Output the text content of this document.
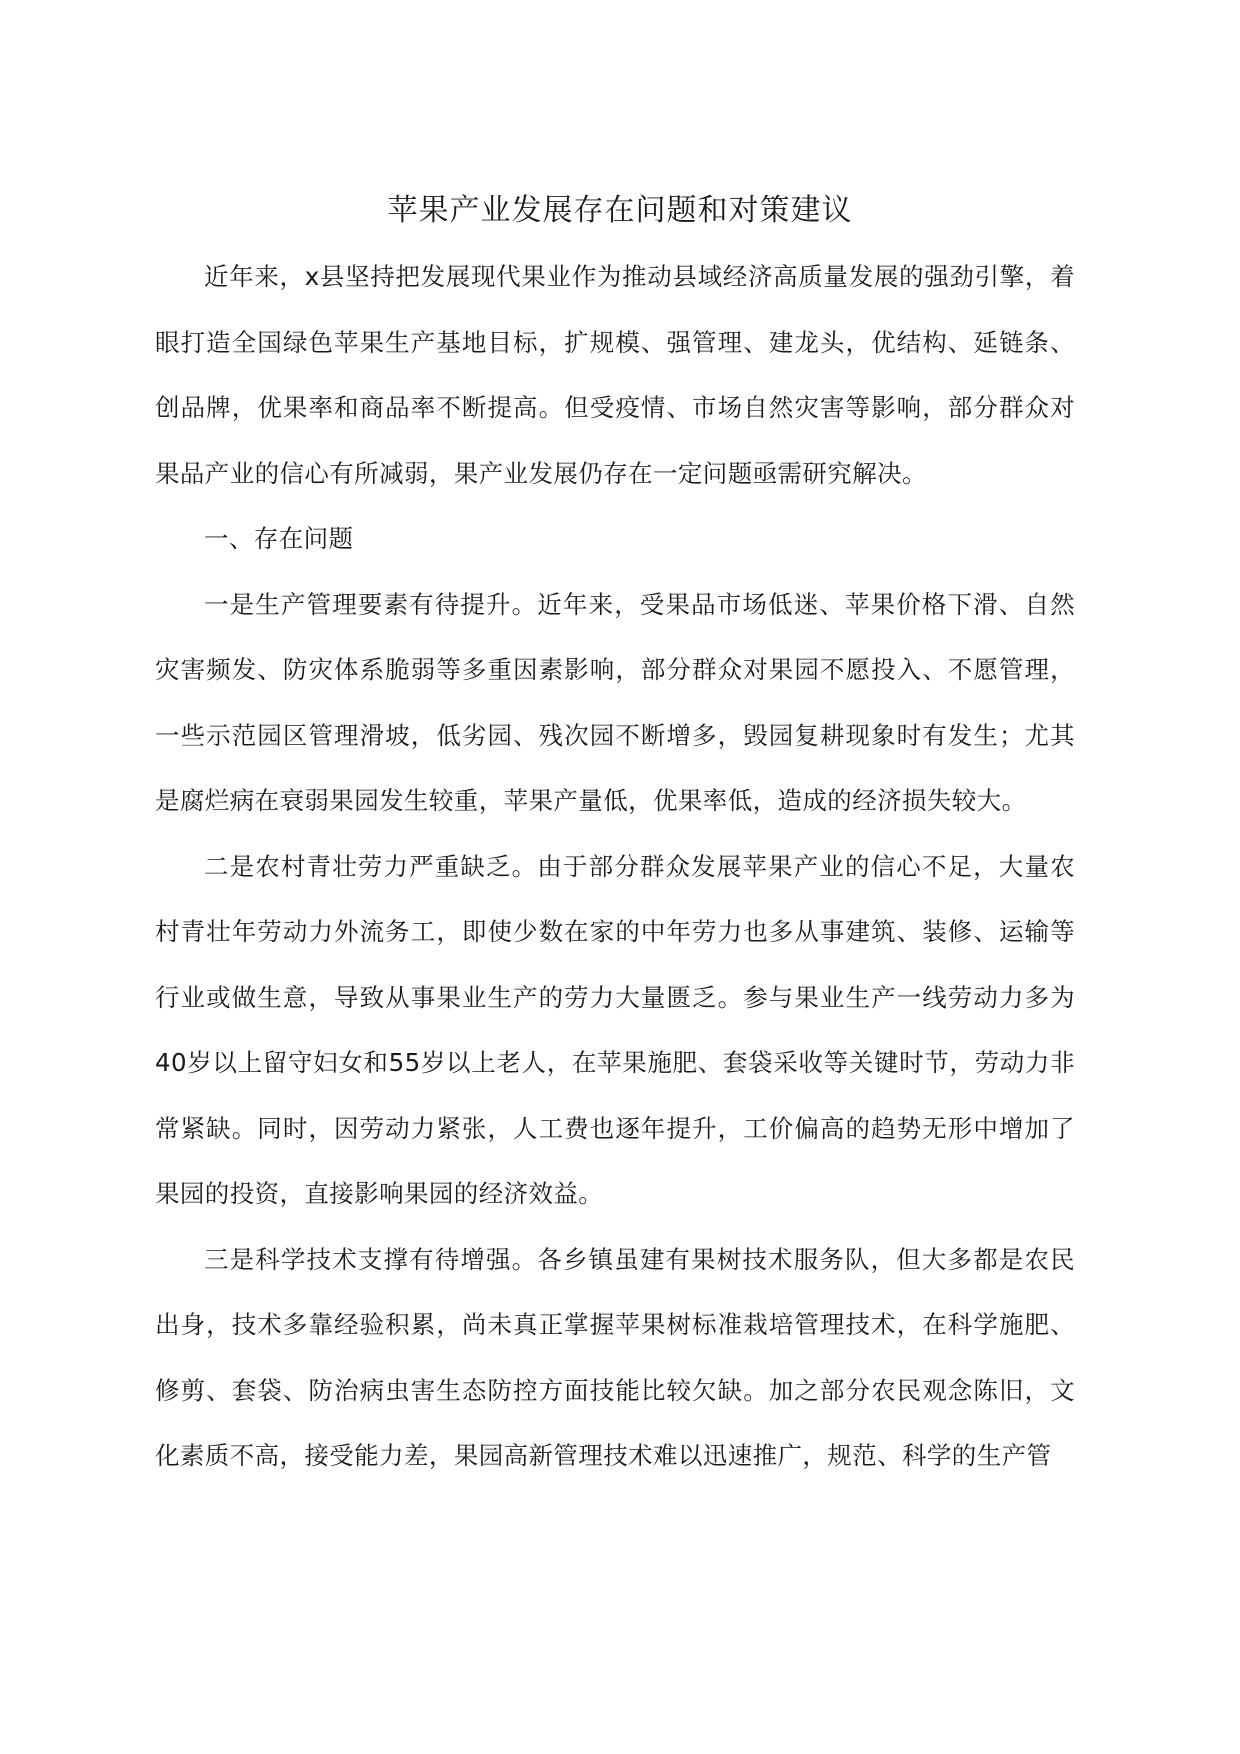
苹果产业发展存在问题和对策建议

近年来，x县坚持把发展现代果业作为推动县域经济高质量发展的强劲引擎，着眼打造全国绿色苹果生产基地目标，扩规模、强管理、建龙头，优结构、延链条、创品牌，优果率和商品率不断提高。但受疫情、市场自然灾害等影响，部分群众对果品产业的信心有所减弱，果产业发展仍存在一定问题亟需研究解决。

一、存在问题

一是生产管理要素有待提升。近年来，受果品市场低迷、苹果价格下滑、自然灾害频发、防灾体系脆弱等多重因素影响，部分群众对果园不愿投入、不愿管理，一些示范园区管理滑坡，低劣园、残次园不断增多，毁园复耕现象时有发生；尤其是腐烂病在衰弱果园发生较重，苹果产量低，优果率低，造成的经济损失较大。

二是农村青壮劳力严重缺乏。由于部分群众发展苹果产业的信心不足，大量农村青壮年劳动力外流务工，即使少数在家的中年劳力也多从事建筑、装修、运输等行业或做生意，导致从事果业生产的劳力大量匮乏。参与果业生产一线劳动力多为40岁以上留守妇女和55岁以上老人，在苹果施肥、套袋采收等关键时节，劳动力非常紧缺。同时，因劳动力紧张，人工费也逐年提升，工价偏高的趋势无形中增加了果园的投资，直接影响果园的经济效益。

三是科学技术支撑有待增强。各乡镇虽建有果树技术服务队，但大多都是农民出身，技术多靠经验积累，尚未真正掌握苹果树标准栽培管理技术，在科学施肥、修剪、套袋、防治病虫害生态防控方面技能比较欠缺。加之部分农民观念陈旧，文化素质不高，接受能力差，果园高新管理技术难以迅速推广，规范、科学的生产管
